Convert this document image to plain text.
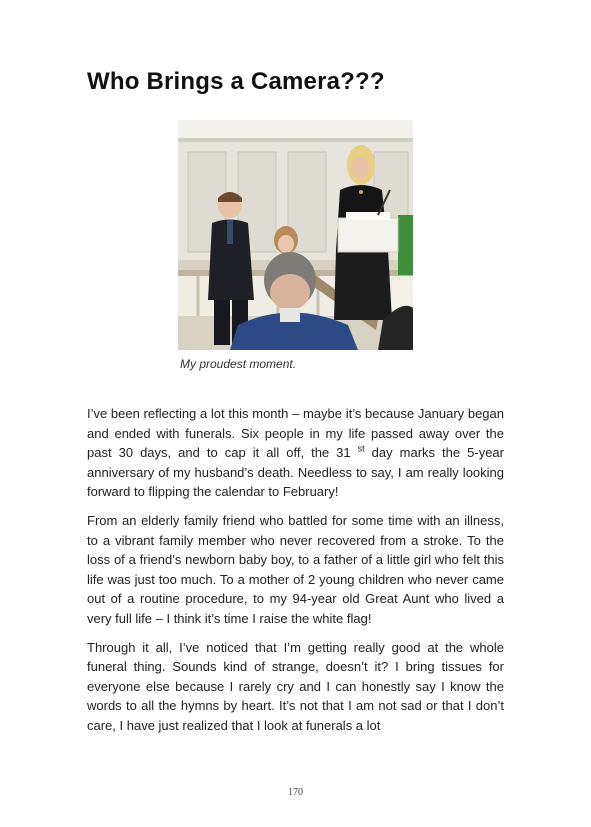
Who Brings a Camera???
My proudest moment.

I’ve been reflecting a lot this month – maybe it’s because January began and ended with funerals. Six people in my life passed away over the past 30 days, and to cap it all off, the 31 $^{st}$ day marks the 5-year anniversary of my husband’s death. Needless to say, I am really looking forward to flipping the calendar to February!

From an elderly family friend who battled for some time with an illness, to a vibrant family member who never recovered from a stroke. To the loss of a friend’s newborn baby boy, to a father of a little girl who felt this life was just too much. To a mother of 2 young children who never came out of a routine procedure, to my 94-year old Great Aunt who lived a very full life – I think it’s time I raise the white flag!

Through it all, I’ve noticed that I’m getting really good at the whole funeral thing. Sounds kind of strange, doesn’t it? I bring tissues for everyone else because I rarely cry and I can honestly say I know the words to all the hymns by heart. It’s not that I am not sad or that I don’t care, I have just realized that I look at funerals a lot

170
